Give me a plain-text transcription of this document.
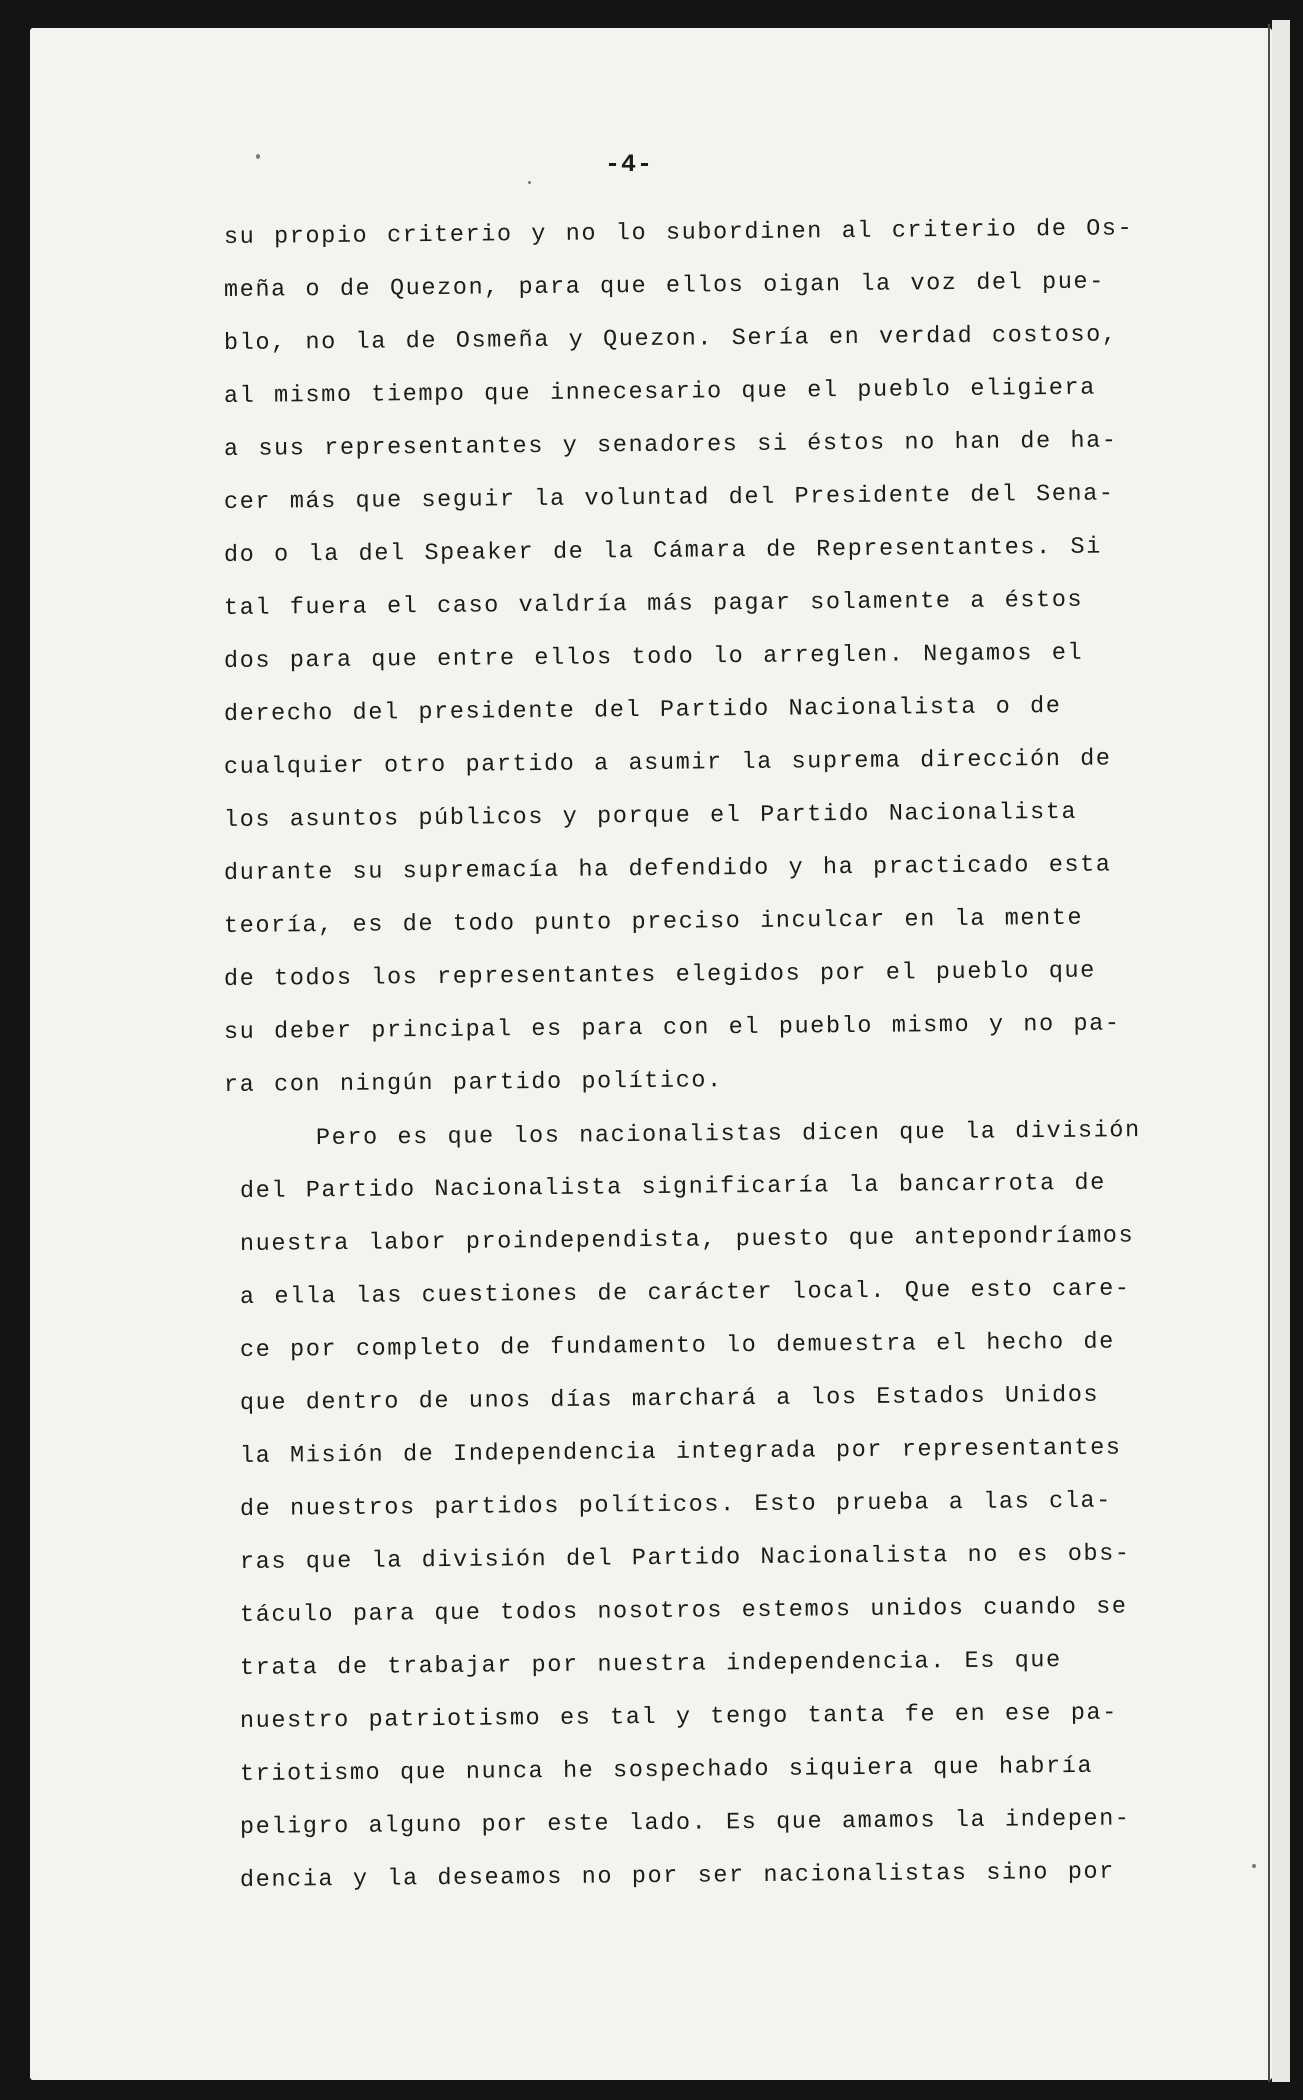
-4-
su propio criterio y no lo subordinen al criterio de Os-
meña o de Quezon, para que ellos oigan la voz del pue-
blo, no la de Osmeña y Quezon. Sería en verdad costoso,
al mismo tiempo que innecesario que el pueblo eligiera
a sus representantes y senadores si éstos no han de ha-
cer más que seguir la voluntad del Presidente del Sena-
do o la del Speaker de la Cámara de Representantes. Si
tal fuera el caso valdría más pagar solamente a éstos
dos para que entre ellos todo lo arreglen. Negamos el
derecho del presidente del Partido Nacionalista o de
cualquier otro partido a asumir la suprema dirección de
los asuntos públicos y porque el Partido Nacionalista
durante su supremacía ha defendido y ha practicado esta
teoría, es de todo punto preciso inculcar en la mente
de todos los representantes elegidos por el pueblo que
su deber principal es para con el pueblo mismo y no pa-
ra con ningún partido político.
Pero es que los nacionalistas dicen que la división
del Partido Nacionalista significaría la bancarrota de
nuestra labor proindependista, puesto que antepondríamos
a ella las cuestiones de carácter local. Que esto care-
ce por completo de fundamento lo demuestra el hecho de
que dentro de unos días marchará a los Estados Unidos
la Misión de Independencia integrada por representantes
de nuestros partidos políticos. Esto prueba a las cla-
ras que la división del Partido Nacionalista no es obs-
táculo para que todos nosotros estemos unidos cuando se
trata de trabajar por nuestra independencia. Es que
nuestro patriotismo es tal y tengo tanta fe en ese pa-
triotismo que nunca he sospechado siquiera que habría
peligro alguno por este lado. Es que amamos la indepen-
dencia y la deseamos no por ser nacionalistas sino por
